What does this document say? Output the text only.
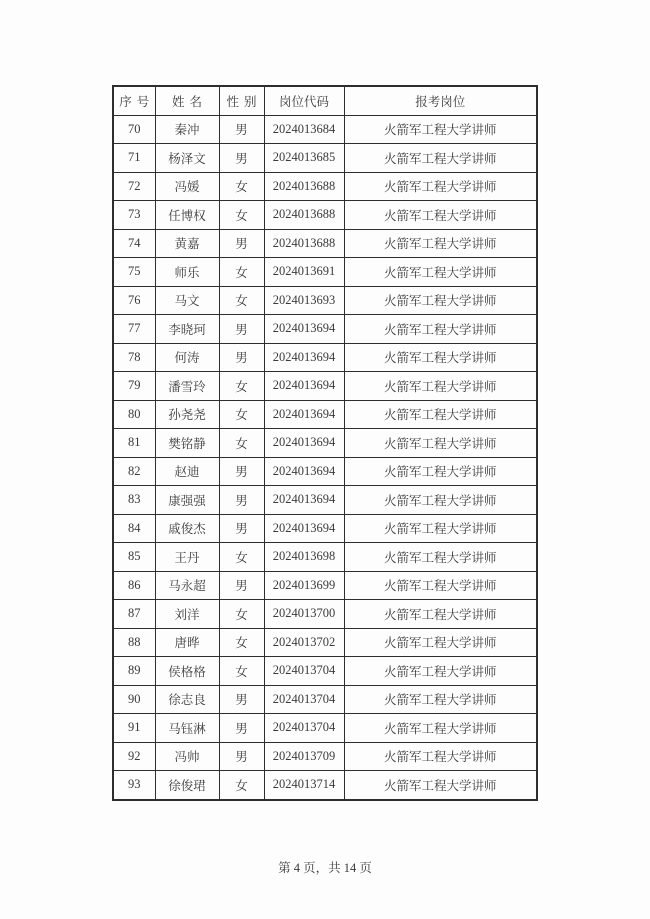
序号	姓名	性别	岗位代码	报考岗位
70	秦冲	男	2024013684	火箭军工程大学讲师
71	杨泽文	男	2024013685	火箭军工程大学讲师
72	冯媛	女	2024013688	火箭军工程大学讲师
73	任博权	女	2024013688	火箭军工程大学讲师
74	黄嘉	男	2024013688	火箭军工程大学讲师
75	师乐	女	2024013691	火箭军工程大学讲师
76	马文	女	2024013693	火箭军工程大学讲师
77	李晓珂	男	2024013694	火箭军工程大学讲师
78	何涛	男	2024013694	火箭军工程大学讲师
79	潘雪玲	女	2024013694	火箭军工程大学讲师
80	孙尧尧	女	2024013694	火箭军工程大学讲师
81	樊铭静	女	2024013694	火箭军工程大学讲师
82	赵迪	男	2024013694	火箭军工程大学讲师
83	康强强	男	2024013694	火箭军工程大学讲师
84	戚俊杰	男	2024013694	火箭军工程大学讲师
85	王丹	女	2024013698	火箭军工程大学讲师
86	马永超	男	2024013699	火箭军工程大学讲师
87	刘洋	女	2024013700	火箭军工程大学讲师
88	唐晔	女	2024013702	火箭军工程大学讲师
89	侯格格	女	2024013704	火箭军工程大学讲师
90	徐志良	男	2024013704	火箭军工程大学讲师
91	马钰淋	男	2024013704	火箭军工程大学讲师
92	冯帅	男	2024013709	火箭军工程大学讲师
93	徐俊珺	女	2024013714	火箭军工程大学讲师
第 4 页，共 14 页
